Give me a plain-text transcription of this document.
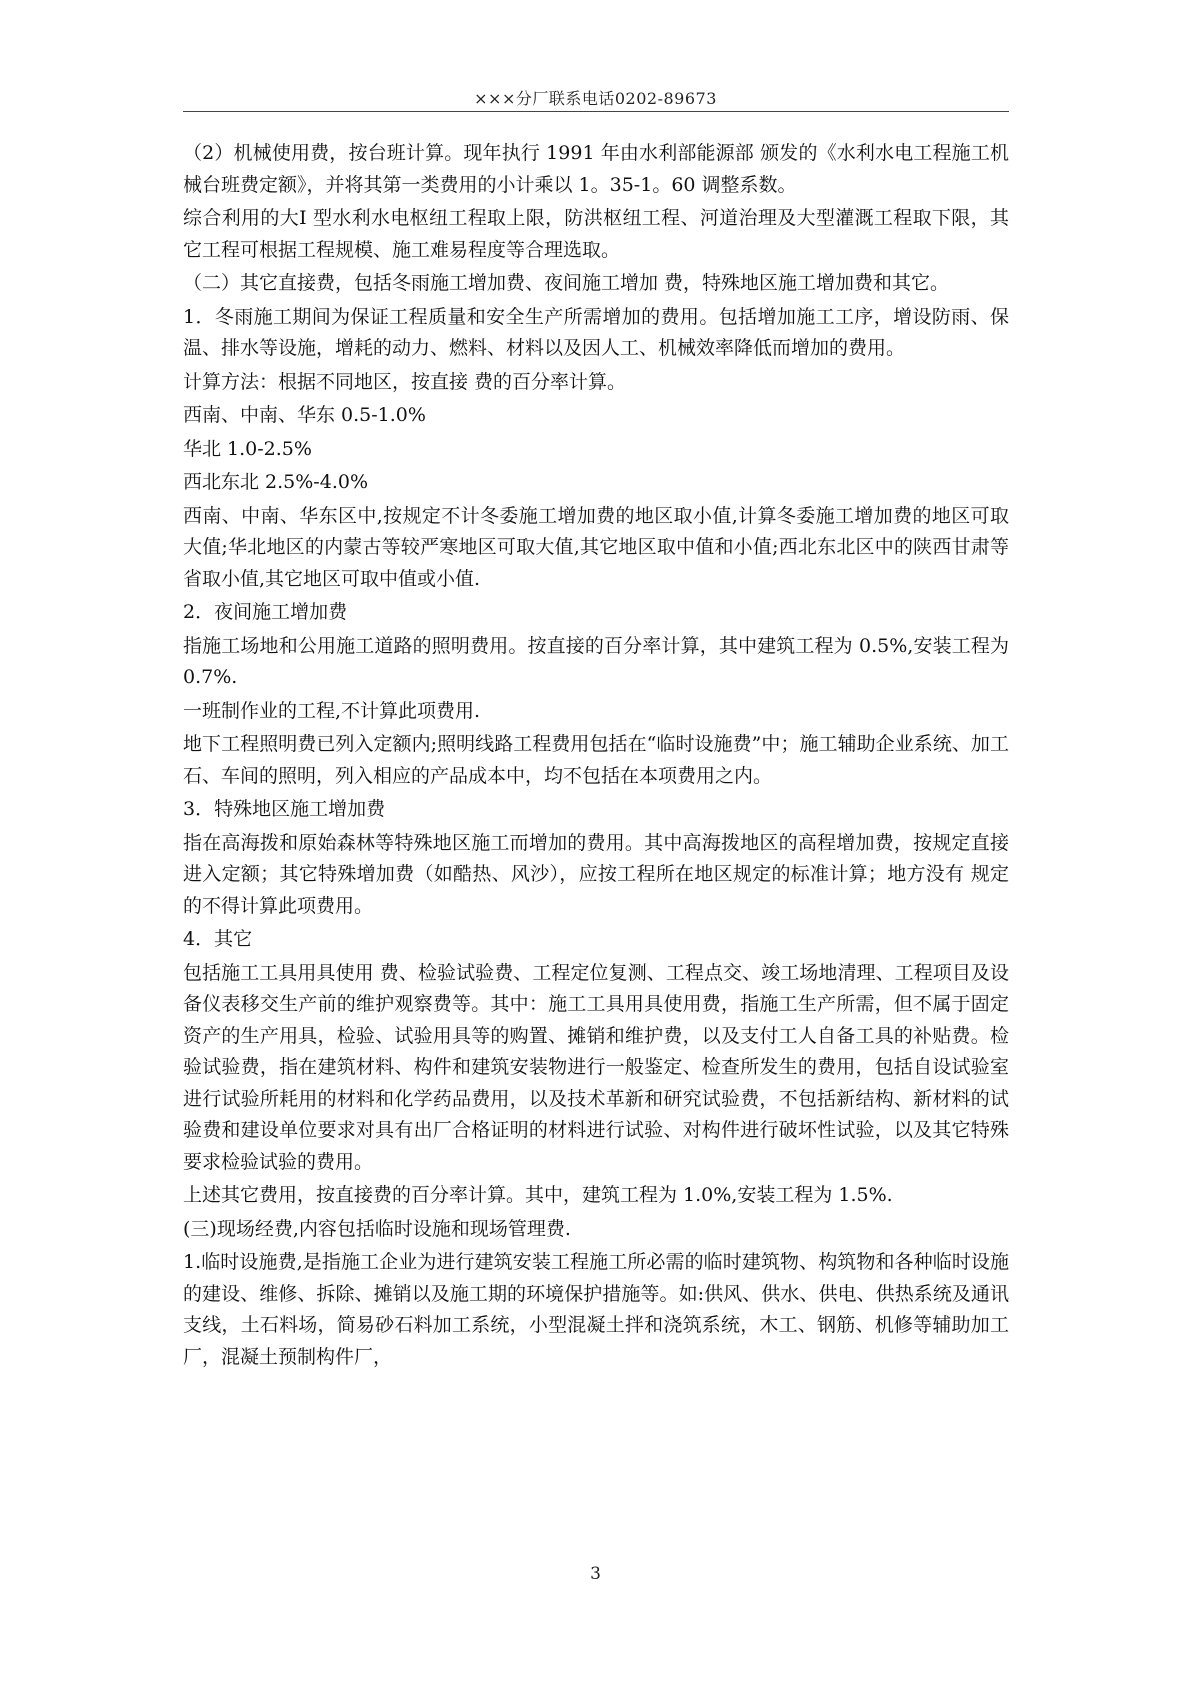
×××分厂联系电话0202-89673

（2）机械使用费，按台班计算。现年执行 1991 年由水利部能源部 颁发的《水利水电工程施工机械台班费定额》，并将其第一类费用的小计乘以 1。35-1。60 调整系数。

综合利用的大I 型水利水电枢纽工程取上限，防洪枢纽工程、河道治理及大型灌溉工程取下限，其它工程可根据工程规模、施工难易程度等合理选取。

（二）其它直接费，包括冬雨施工增加费、夜间施工增加 费，特殊地区施工增加费和其它。

1．冬雨施工期间为保证工程质量和安全生产所需增加的费用。包括增加施工工序，增设防雨、保温、排水等设施，增耗的动力、燃料、材料以及因人工、机械效率降低而增加的费用。

计算方法：根据不同地区，按直接 费的百分率计算。

西南、中南、华东 0.5-1.0%

华北 1.0-2.5%

西北东北 2.5%-4.0%

西南、中南、华东区中,按规定不计冬委施工增加费的地区取小值,计算冬委施工增加费的地区可取大值;华北地区的内蒙古等较严寒地区可取大值,其它地区取中值和小值;西北东北区中的陕西甘肃等省取小值,其它地区可取中值或小值.

2．夜间施工增加费

指施工场地和公用施工道路的照明费用。按直接的百分率计算，其中建筑工程为 0.5%,安装工程为 0.7%.

一班制作业的工程,不计算此项费用.

地下工程照明费已列入定额内;照明线路工程费用包括在“临时设施费”中；施工辅助企业系统、加工石、车间的照明，列入相应的产品成本中，均不包括在本项费用之内。

3．特殊地区施工增加费

指在高海拨和原始森林等特殊地区施工而增加的费用。其中高海拨地区的高程增加费，按规定直接 进入定额；其它特殊增加费（如酷热、风沙），应按工程所在地区规定的标准计算；地方没有 规定的不得计算此项费用。

4．其它

包括施工工具用具使用 费、检验试验费、工程定位复测、工程点交、竣工场地清理、工程项目及设备仪表移交生产前的维护观察费等。其中：施工工具用具使用费，指施工生产所需，但不属于固定资产的生产用具，检验、试验用具等的购置、摊销和维护费，以及支付工人自备工具的补贴费。检验试验费，指在建筑材料、构件和建筑安装物进行一般鉴定、检查所发生的费用，包括自设试验室进行试验所耗用的材料和化学药品费用，以及技术革新和研究试验费，不包括新结构、新材料的试验费和建设单位要求对具有出厂合格证明的材料进行试验、对构件进行破坏性试验，以及其它特殊要求检验试验的费用。

上述其它费用，按直接费的百分率计算。其中，建筑工程为 1.0%,安装工程为 1.5%.

(三)现场经费,内容包括临时设施和现场管理费.

1.临时设施费,是指施工企业为进行建筑安装工程施工所必需的临时建筑物、构筑物和各种临时设施的建设、维修、拆除、摊销以及施工期的环境保护措施等。如:供风、供水、供电、供热系统及通讯支线，土石料场，简易砂石料加工系统，小型混凝土拌和浇筑系统，木工、钢筋、机修等辅助加工厂，混凝土预制构件厂，

3
